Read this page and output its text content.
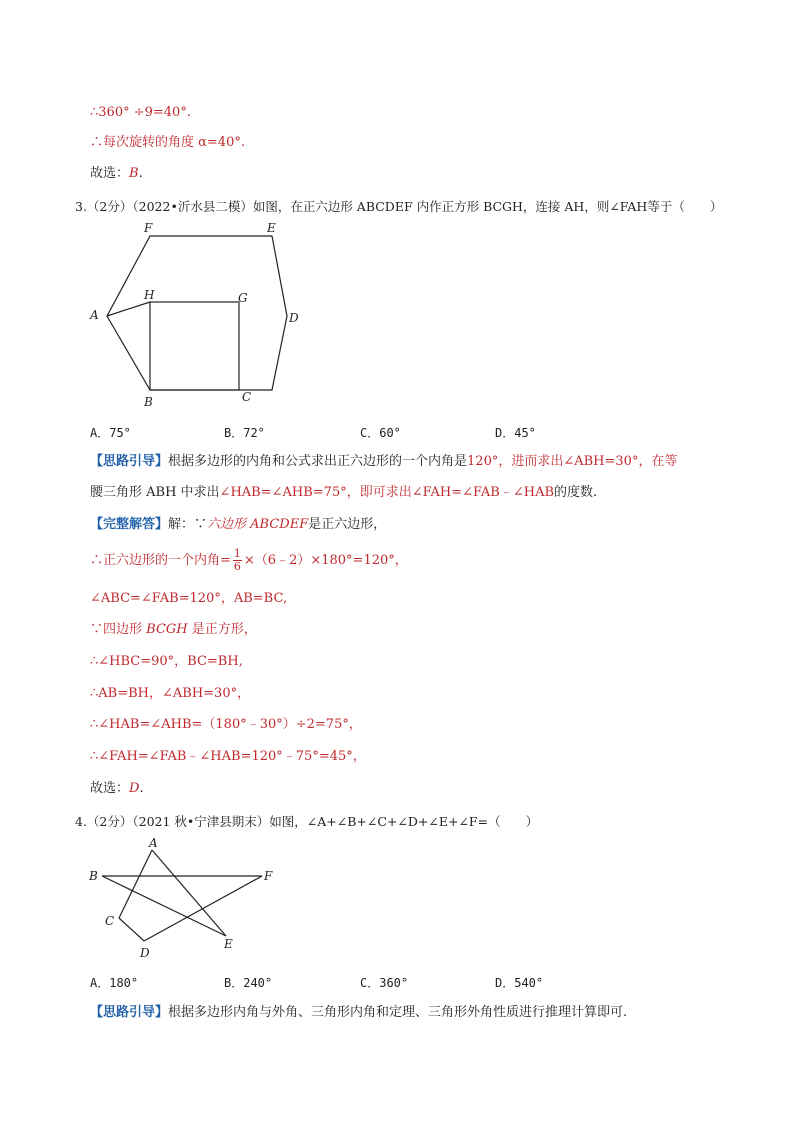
∴360° ÷9=40°.
∴每次旋转的角度 α=40°.
故选：B.
3.（2分）（2022•沂水县二模）如图，在正六边形 ABCDEF 内作正方形 BCGH，连接 AH，则∠FAH等于（　　）
F	E
A	D
H	G
B	C
A．75°	B．72°	C．60°	D．45°
【思路引导】根据多边形的内角和公式求出正六边形的一个内角是120°，进而求出∠ABH=30°，在等
腰三角形 ABH 中求出∠HAB=∠AHB=75°，即可求出∠FAH=∠FAB﹣∠HAB的度数.
【完整解答】解：∵六边形 ABCDEF是正六边形，
∴正六边形的一个内角= $\frac{1}{6}$ ×（6﹣2）×180°=120°，
∠ABC=∠FAB=120°，AB=BC,
∵四边形 BCGH 是正方形，
∴∠HBC=90°，BC=BH,
∴AB=BH，∠ABH=30°，
∴∠HAB=∠AHB=（180°﹣30°）÷2=75°，
∴∠FAH=∠FAB﹣∠HAB=120°﹣75°=45°，
故选：D.
4.（2分）（2021 秋•宁津县期末）如图，∠A+∠B+∠C+∠D+∠E+∠F=（　　）
A
B	F
C
D
E
A．180°	B．240°	C．360°	D．540°
【思路引导】根据多边形内角与外角、三角形内角和定理、三角形外角性质进行推理计算即可.
